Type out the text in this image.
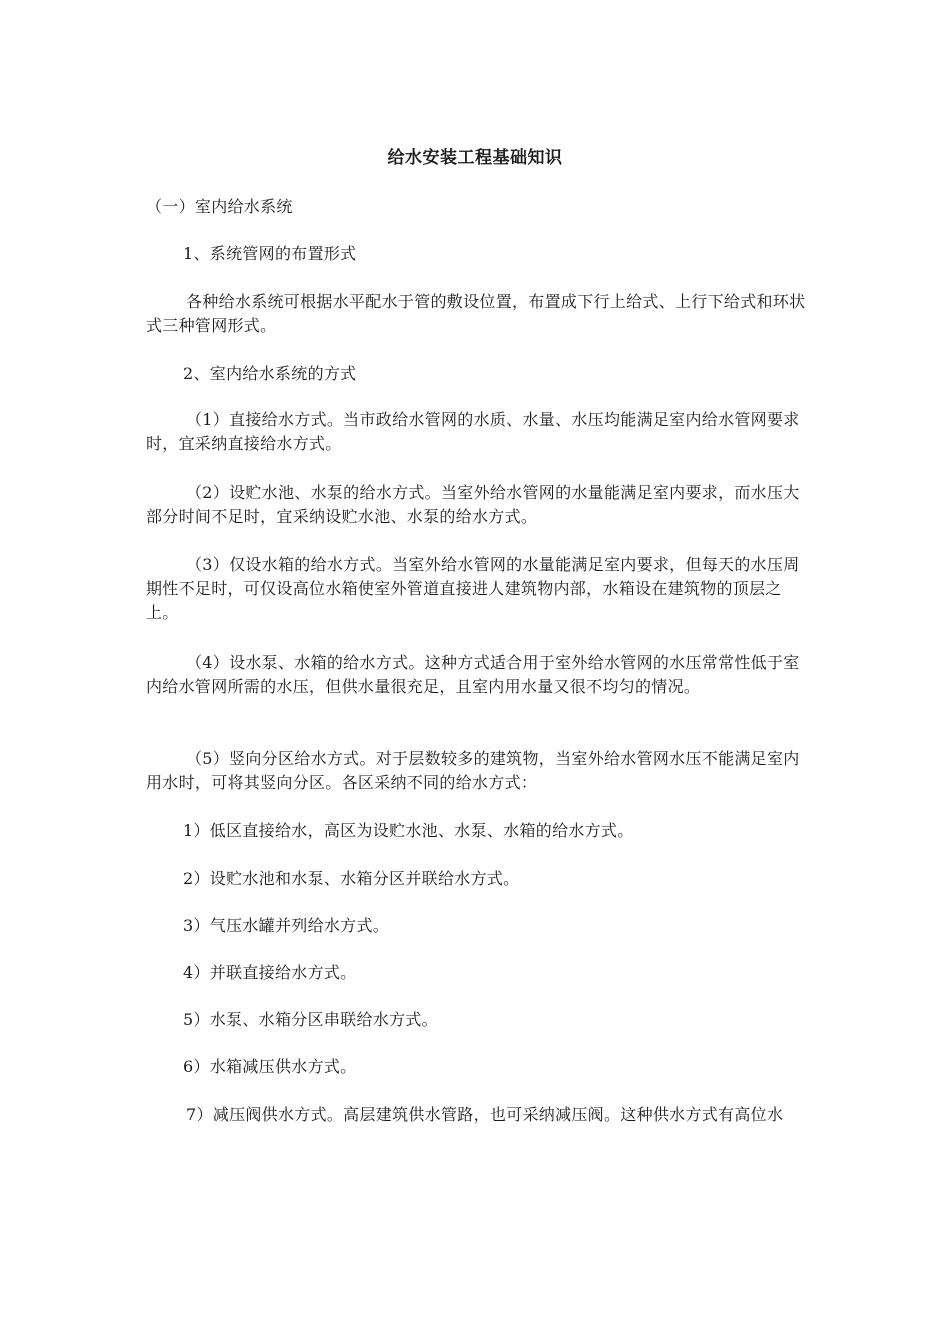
给水安装工程基础知识
（一）室内给水系统
1、系统管网的布置形式
各种给水系统可根据水平配水于管的敷设位置，布置成下行上给式、上行下给式和环状式三种管网形式。
2、室内给水系统的方式
（1）直接给水方式。当市政给水管网的水质、水量、水压均能满足室内给水管网要求时，宜采纳直接给水方式。
（2）设贮水池、水泵的给水方式。当室外给水管网的水量能满足室内要求，而水压大部分时间不足时，宜采纳设贮水池、水泵的给水方式。
（3）仅设水箱的给水方式。当室外给水管网的水量能满足室内要求，但每天的水压周期性不足时，可仅设高位水箱使室外管道直接进人建筑物内部，水箱设在建筑物的顶层之上。
（4）设水泵、水箱的给水方式。这种方式适合用于室外给水管网的水压常常性低于室内给水管网所需的水压，但供水量很充足，且室内用水量又很不均匀的情况。
（5）竖向分区给水方式。对于层数较多的建筑物，当室外给水管网水压不能满足室内用水时，可将其竖向分区。各区采纳不同的给水方式：
1）低区直接给水，高区为设贮水池、水泵、水箱的给水方式。
2）设贮水池和水泵、水箱分区并联给水方式。
3）气压水罐并列给水方式。
4）并联直接给水方式。
5）水泵、水箱分区串联给水方式。
6）水箱减压供水方式。
7）减压阀供水方式。高层建筑供水管路，也可采纳减压阀。这种供水方式有高位水
